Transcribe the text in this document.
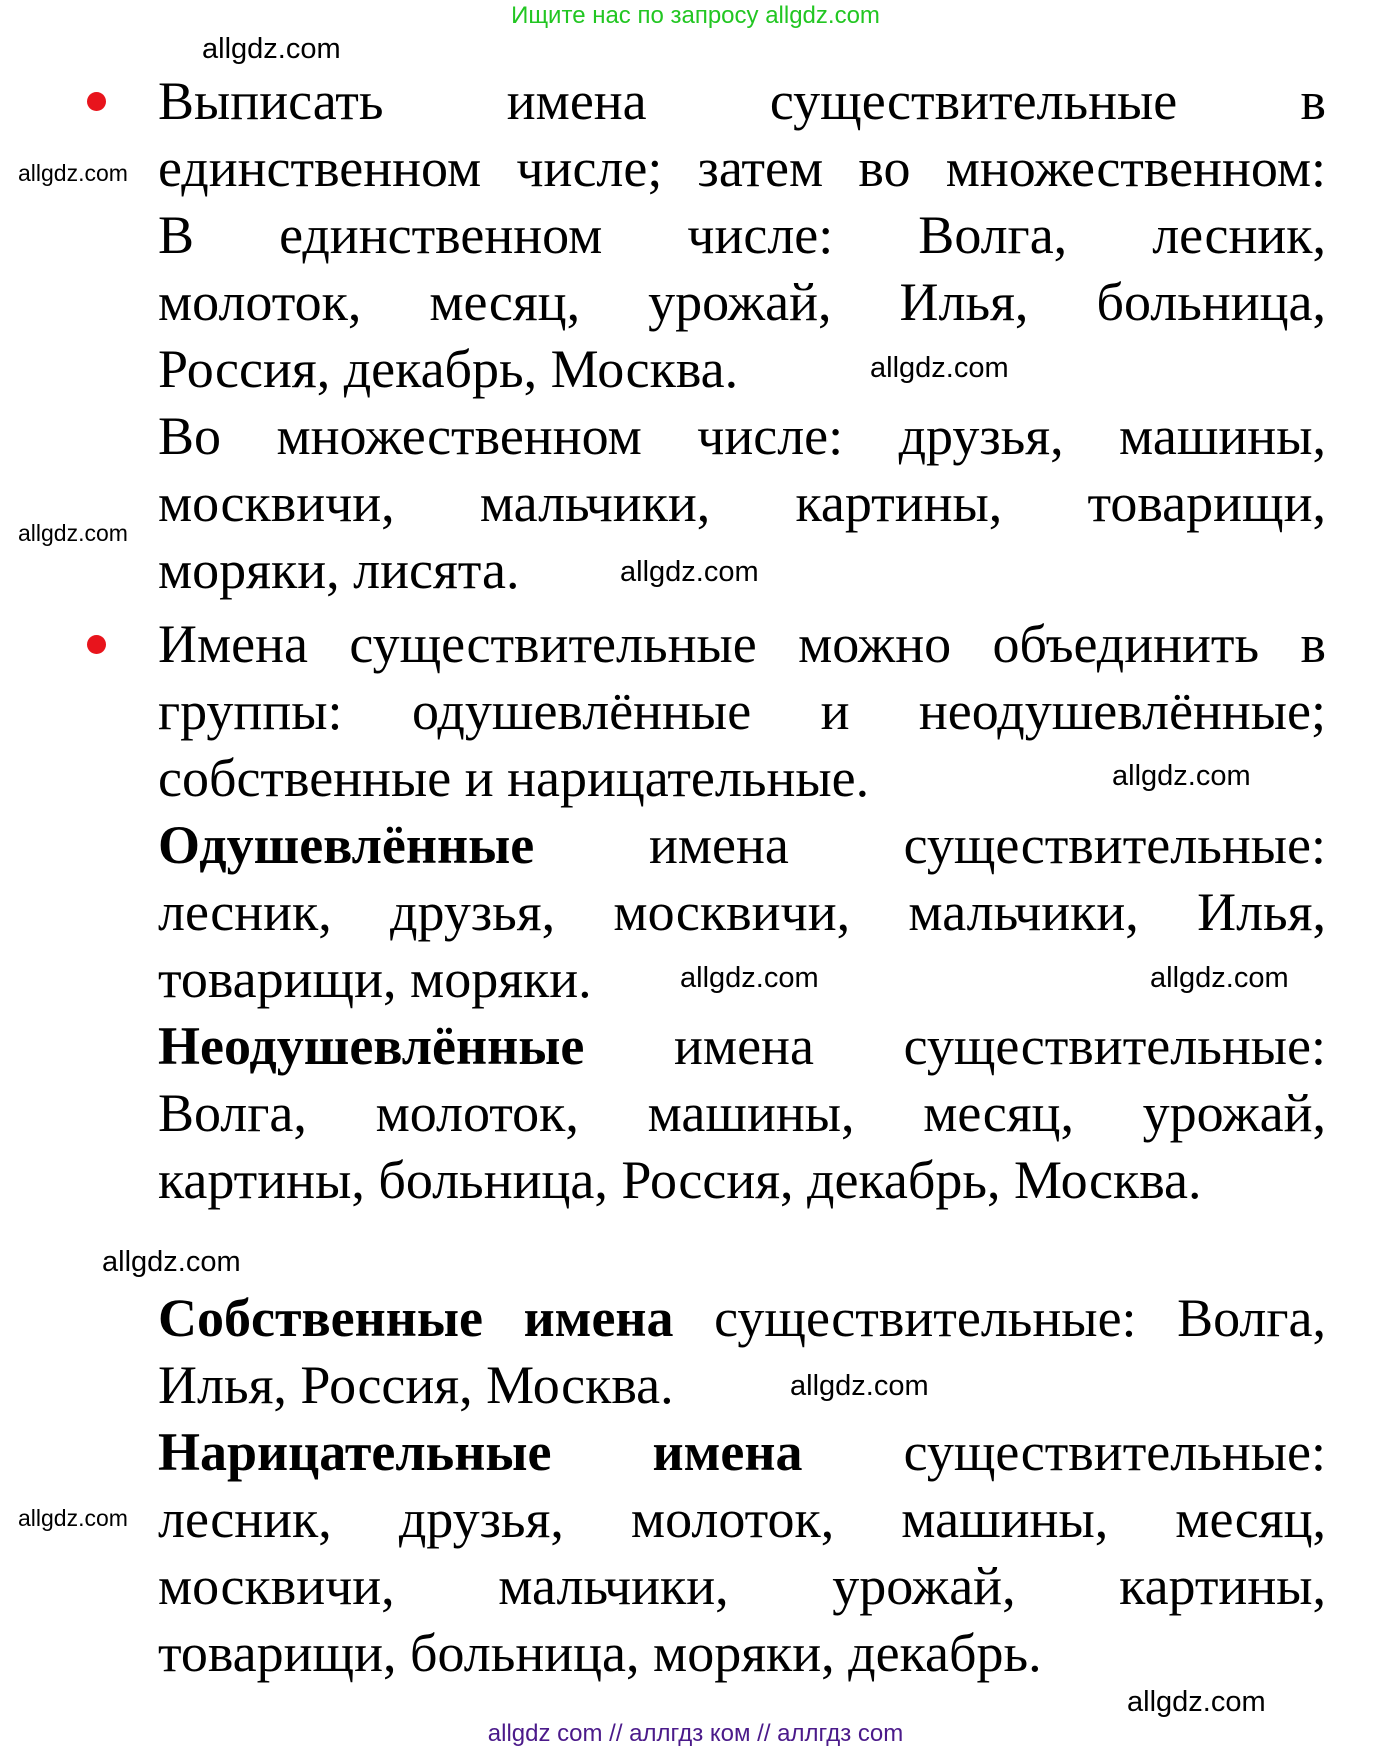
Ищите нас по запросу allgdz.com
Выписать имена существительные в
единственном числе; затем во множественном:
В единственном числе: Волга, лесник,
молоток, месяц, урожай, Илья, больница,
Россия, декабрь, Москва.
Во множественном числе: друзья, машины,
москвичи, мальчики, картины, товарищи,
моряки, лисята.
Имена существительные можно объединить в
группы: одушевлённые и неодушевлённые;
собственные и нарицательные.
Одушевлённые имена существительные:
лесник, друзья, москвичи, мальчики, Илья,
товарищи, моряки.
Неодушевлённые имена существительные:
Волга, молоток, машины, месяц, урожай,
картины, больница, Россия, декабрь, Москва.
Собственные имена существительные: Волга,
Илья, Россия, Москва.
Нарицательные имена существительные:
лесник, друзья, молоток, машины, месяц,
москвичи, мальчики, урожай, картины,
товарищи, больница, моряки, декабрь.
allgdz.com
allgdz.com
allgdz.com
allgdz.com
allgdz.com
allgdz.com
allgdz.com	allgdz.com
allgdz.com
allgdz.com
allgdz.com
allgdz.com
allgdz com // аллгдз ком // аллгдз com
